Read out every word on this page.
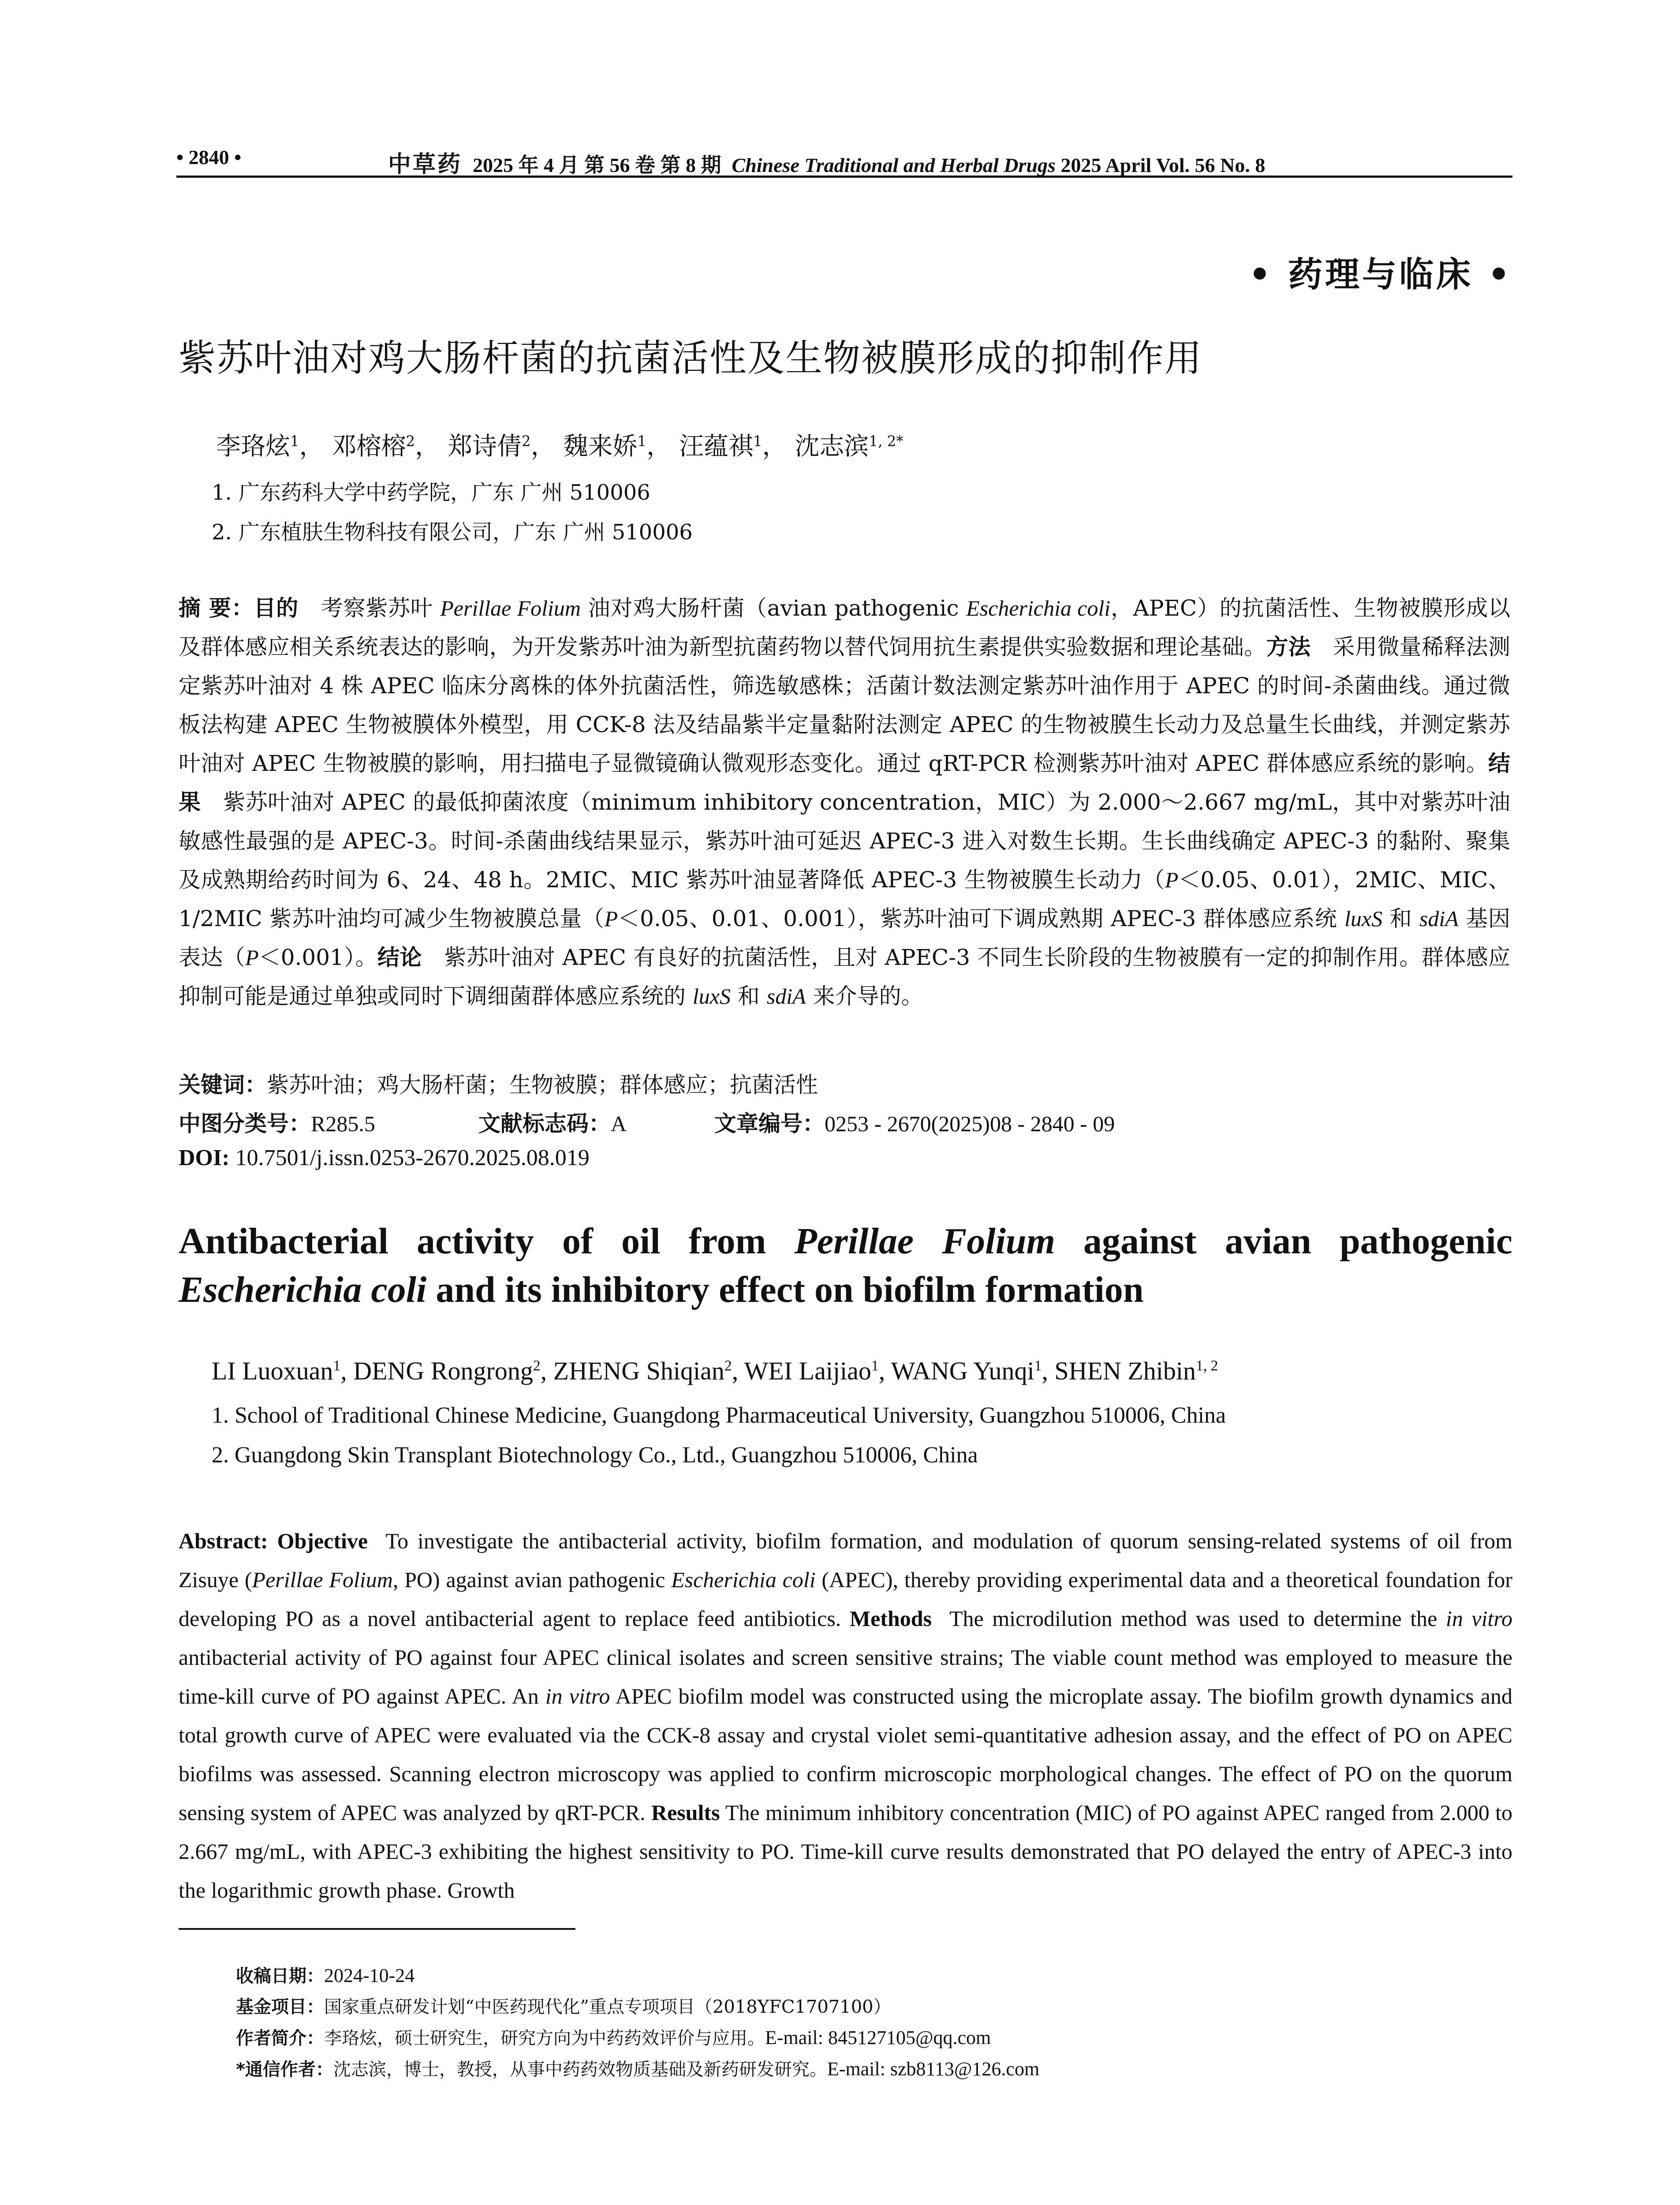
• 2840 •	中草药 2025 年 4 月 第 56 卷 第 8 期 Chinese Traditional and Herbal Drugs 2025 April Vol. 56 No. 8
• 药理与临床 •
紫苏叶油对鸡大肠杆菌的抗菌活性及生物被膜形成的抑制作用
李珞炫$^1$， 邓榕榕$^2$， 郑诗倩$^2$， 魏来娇$^1$， 汪蕴祺$^1$， 沈志滨$^{1, 2*}$
1. 广东药科大学中药学院，广东 广州 510006
2. 广东植肤生物科技有限公司，广东 广州 510006
摘 要：目的 考察紫苏叶 Perillae Folium 油对鸡大肠杆菌（avian pathogenic Escherichia coli，APEC）的抗菌活性、生物被膜形成以及群体感应相关系统表达的影响，为开发紫苏叶油为新型抗菌药物以替代饲用抗生素提供实验数据和理论基础。方法 采用微量稀释法测定紫苏叶油对 4 株 APEC 临床分离株的体外抗菌活性，筛选敏感株；活菌计数法测定紫苏叶油作用于 APEC 的时间-杀菌曲线。通过微板法构建 APEC 生物被膜体外模型，用 CCK-8 法及结晶紫半定量黏附法测定 APEC 的生物被膜生长动力及总量生长曲线，并测定紫苏叶油对 APEC 生物被膜的影响，用扫描电子显微镜确认微观形态变化。通过 qRT-PCR 检测紫苏叶油对 APEC 群体感应系统的影响。结果 紫苏叶油对 APEC 的最低抑菌浓度（minimum inhibitory concentration，MIC）为 2.000～2.667 mg/mL，其中对紫苏叶油敏感性最强的是 APEC-3。时间-杀菌曲线结果显示，紫苏叶油可延迟 APEC-3 进入对数生长期。生长曲线确定 APEC-3 的黏附、聚集及成熟期给药时间为 6、24、48 h。2MIC、MIC 紫苏叶油显著降低 APEC-3 生物被膜生长动力（P＜0.05、0.01），2MIC、MIC、1/2MIC 紫苏叶油均可减少生物被膜总量（P＜0.05、0.01、0.001），紫苏叶油可下调成熟期 APEC-3 群体感应系统 luxS 和 sdiA 基因表达（P＜0.001）。结论 紫苏叶油对 APEC 有良好的抗菌活性，且对 APEC-3 不同生长阶段的生物被膜有一定的抑制作用。群体感应抑制可能是通过单独或同时下调细菌群体感应系统的 luxS 和 sdiA 来介导的。
关键词：紫苏叶油；鸡大肠杆菌；生物被膜；群体感应；抗菌活性
中图分类号：R285.5	文献标志码：A	文章编号：0253 - 2670(2025)08 - 2840 - 09
DOI: 10.7501/j.issn.0253-2670.2025.08.019
Antibacterial activity of oil from Perillae Folium against avian pathogenic
Escherichia coli and its inhibitory effect on biofilm formation
LI Luoxuan$^1$, DENG Rongrong$^2$, ZHENG Shiqian$^2$, WEI Laijiao$^1$, WANG Yunqi$^1$, SHEN Zhibin$^{1, 2}$
1. School of Traditional Chinese Medicine, Guangdong Pharmaceutical University, Guangzhou 510006, China
2. Guangdong Skin Transplant Biotechnology Co., Ltd., Guangzhou 510006, China
Abstract: Objective To investigate the antibacterial activity, biofilm formation, and modulation of quorum sensing-related systems of oil from Zisuye (Perillae Folium, PO) against avian pathogenic Escherichia coli (APEC), thereby providing experimental data and a theoretical foundation for developing PO as a novel antibacterial agent to replace feed antibiotics. Methods The microdilution method was used to determine the in vitro antibacterial activity of PO against four APEC clinical isolates and screen sensitive strains; The viable count method was employed to measure the time-kill curve of PO against APEC. An in vitro APEC biofilm model was constructed using the microplate assay. The biofilm growth dynamics and total growth curve of APEC were evaluated via the CCK-8 assay and crystal violet semi-quantitative adhesion assay, and the effect of PO on APEC biofilms was assessed. Scanning electron microscopy was applied to confirm microscopic morphological changes. The effect of PO on the quorum sensing system of APEC was analyzed by qRT-PCR. Results The minimum inhibitory concentration (MIC) of PO against APEC ranged from 2.000 to 2.667 mg/mL, with APEC-3 exhibiting the highest sensitivity to PO. Time-kill curve results demonstrated that PO delayed the entry of APEC-3 into the logarithmic growth phase. Growth
收稿日期：2024-10-24
基金项目：国家重点研发计划“中医药现代化”重点专项项目（2018YFC1707100）
作者简介：李珞炫，硕士研究生，研究方向为中药药效评价与应用。E-mail: 845127105@qq.com
*通信作者：沈志滨，博士，教授，从事中药药效物质基础及新药研发研究。E-mail: szb8113@126.com
